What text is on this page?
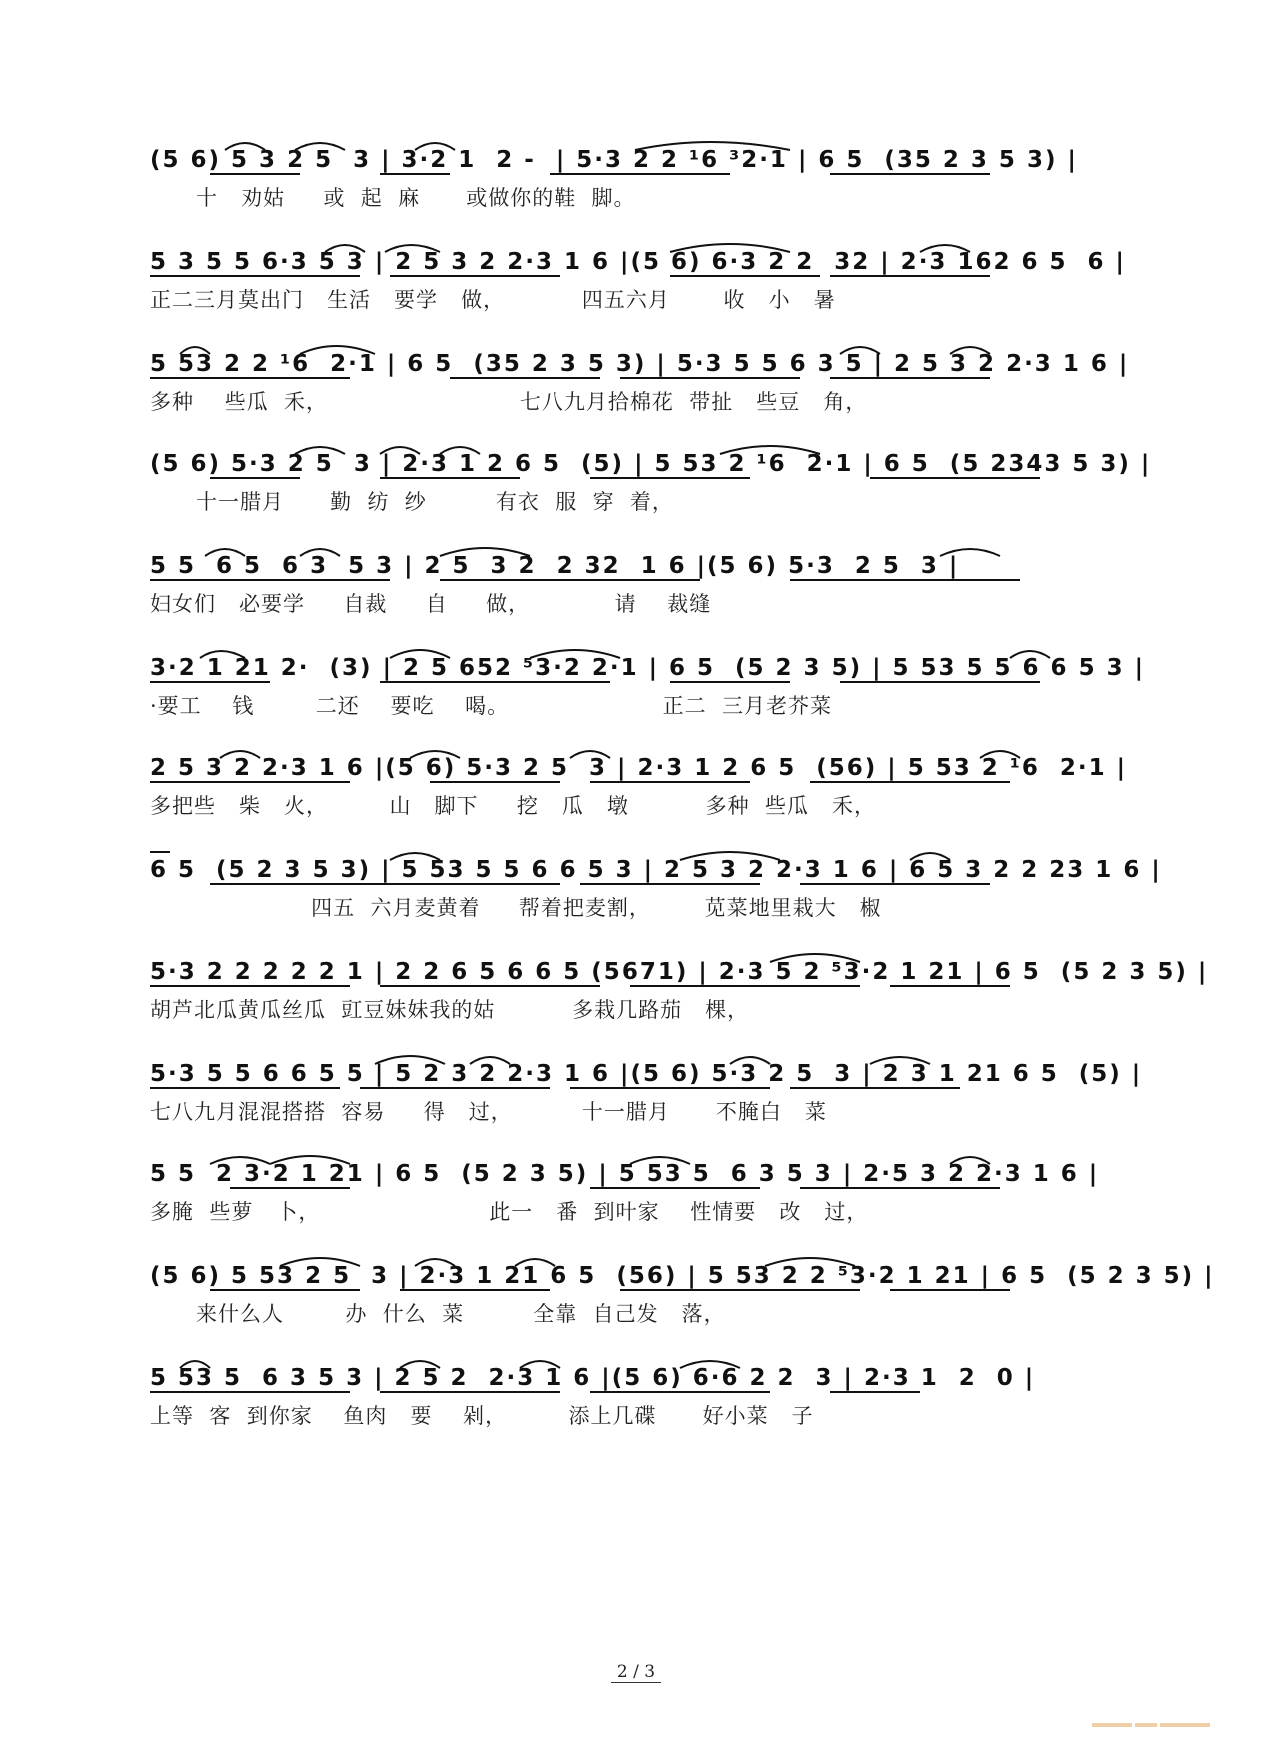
(5 6) 5 3 2 5  3 | 3·2 1  2 -  | 5·3 2 2 ¹6 ³2·1 | 6 5  (35 2 3 5 3) |
十   劝姑     或  起  麻      或做你的鞋  脚。
5 3 5 5 6·3 5 3 | 2 5 3 2 2·3 1 6 |(5 6) 6·3 2 2  32 | 2·3 162 6 5  6 |
正二三月莫出门   生活   要学   做，          四五六月       收   小   暑
5 53 2 2 ¹6  2·1 | 6 5  (35 2 3 5 3) | 5·3 5 5 6 3 5 | 2 5 3 2 2·3 1 6 |
多种    些瓜  禾，                         七八九月拾棉花  带扯   些豆   角，
(5 6) 5·3 2 5  3 | 2·3 1 2 6 5  (5) | 5 53 2 ¹6  2·1 | 6 5  (5 2343 5 3) |
十一腊月      勤  纺  纱         有衣  服  穿  着，
5 5  6 5  6 3  5 3 | 2 5  3 2  2 32  1 6 |(5 6) 5·3  2 5  3 |
妇女们   必要学     自裁     自     做，           请    裁缝
3·2 1 21 2·  (3) | 2 5 652 ⁵3·2 2·1 | 6 5  (5 2 3 5) | 5 53 5 5 6 6 5 3 |
·要工    钱        二还    要吃    喝。                    正二  三月老芥菜
2 5 3 2 2·3 1 6 |(5 6) 5·3 2 5  3 | 2·3 1 2 6 5  (56) | 5 53 2 ¹6  2·1 |
多把些   柴   火，        山   脚下     挖   瓜   墩          多种  些瓜   禾，
6 5  (5 2 3 5 3) | 5 53 5 5 6 6 5 3 | 2 5 3 2 2·3 1 6 | 6 5 3 2 2 23 1 6 |
四五  六月麦黄着     帮着把麦割，       苋菜地里栽大   椒
5·3 2 2 2 2 2 1 | 2 2 6 5 6 6 5 (5671) | 2·3 5 2 ⁵3·2 1 21 | 6 5  (5 2 3 5) |
胡芦北瓜黄瓜丝瓜  豇豆妹妹我的姑          多栽几路茄   棵，
5·3 5 5 6 6 5 5 | 5 2 3 2 2·3 1 6 |(5 6) 5·3 2 5  3 | 2 3 1 21 6 5  (5) |
七八九月混混搭搭  容易     得   过，         十一腊月      不腌白   菜
5 5  2 3·2 1 21 | 6 5  (5 2 3 5) | 5 53 5  6 3 5 3 | 2·5 3 2 2·3 1 6 |
多腌  些萝   卜，                      此一   番  到叶家    性情要   改   过，
(5 6) 5 53 2 5  3 | 2·3 1 21 6 5  (56) | 5 53 2 2 ⁵3·2 1 21 | 6 5  (5 2 3 5) |
来什么人        办  什么  菜         全靠  自己发   落，
5 53 5  6 3 5 3 | 2 5 2  2·3 1 6 |(5 6) 6·6 2 2  3 | 2·3 1  2  0 |
上等  客  到你家    鱼肉   要    剁，        添上几碟      好小菜   子
2 / 3
